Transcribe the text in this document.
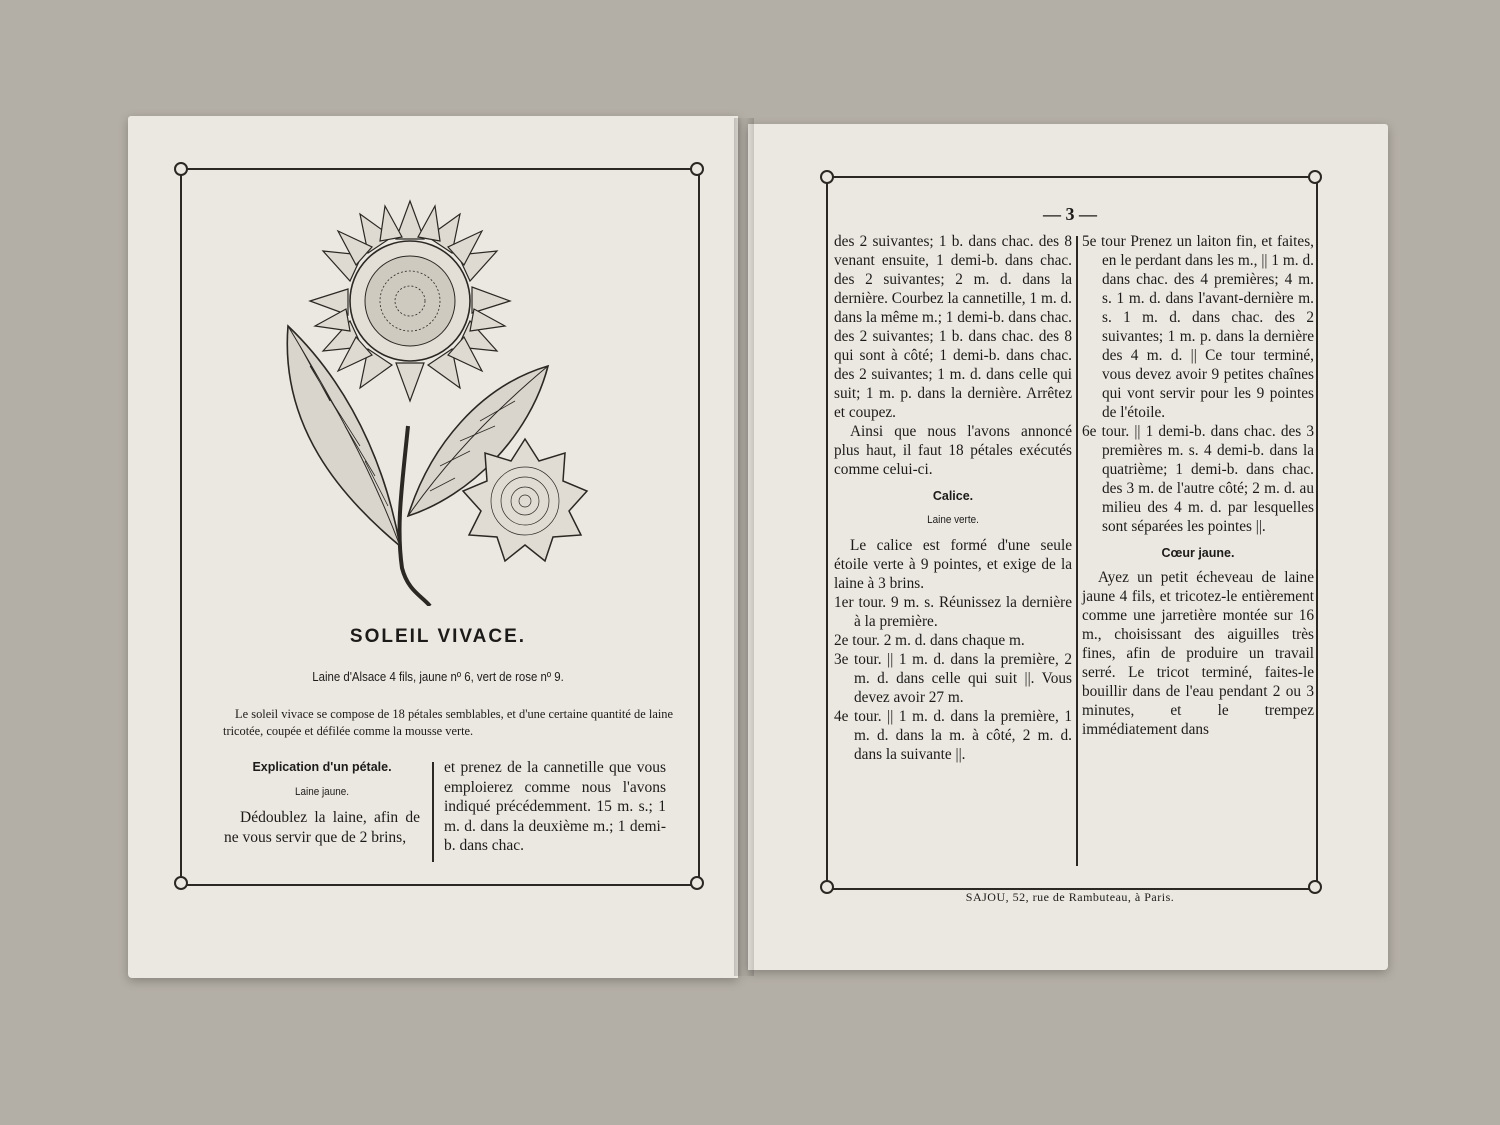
SOLEIL VIVACE.
Laine d'Alsace 4 fils, jaune nº 6, vert de rose nº 9.
Le soleil vivace se compose de 18 pétales semblables, et d'une certaine quantité de laine tricotée, coupée et défilée comme la mousse verte.
Explication d'un pétale.
Laine jaune.
Dédoublez la laine, afin de ne vous servir que de 2 brins,
et prenez de la cannetille que vous emploierez comme nous l'avons indiqué précédemment. 15 m. s.; 1 m. d. dans la deuxième m.; 1 demi-b. dans chac.
— 3 —

des 2 suivantes; 1 b. dans chac. des 8 venant ensuite, 1 demi-b. dans chac. des 2 suivantes; 2 m. d. dans la dernière. Courbez la cannetille, 1 m. d. dans la même m.; 1 demi-b. dans chac. des 2 suivantes; 1 b. dans chac. des 8 qui sont à côté; 1 demi-b. dans chac. des 2 suivantes; 1 m. d. dans celle qui suit; 1 m. p. dans la dernière. Arrêtez et coupez.

Ainsi que nous l'avons annoncé plus haut, il faut 18 pétales exécutés comme celui-ci.

Calice.
Laine verte.

Le calice est formé d'une seule étoile verte à 9 pointes, et exige de la laine à 3 brins.

1er tour. 9 m. s. Réunissez la dernière à la première.

2e tour. 2 m. d. dans chaque m.

3e tour. || 1 m. d. dans la première, 2 m. d. dans celle qui suit ||. Vous devez avoir 27 m.

4e tour. || 1 m. d. dans la première, 1 m. d. dans la m. à côté, 2 m. d. dans la suivante ||.

5e tour Prenez un laiton fin, et faites, en le perdant dans les m., || 1 m. d. dans chac. des 4 premières; 4 m. s. 1 m. d. dans l'avant-dernière m. s. 1 m. d. dans chac. des 2 suivantes; 1 m. p. dans la dernière des 4 m. d. || Ce tour terminé, vous devez avoir 9 petites chaînes qui vont servir pour les 9 pointes de l'étoile.

6e tour. || 1 demi-b. dans chac. des 3 premières m. s. 4 demi-b. dans la quatrième; 1 demi-b. dans chac. des 3 m. de l'autre côté; 2 m. d. au milieu des 4 m. d. par lesquelles sont séparées les pointes ||.

Cœur jaune.

Ayez un petit écheveau de laine jaune 4 fils, et tricotez-le entièrement comme une jarretière montée sur 16 m., choisissant des aiguilles très fines, afin de produire un travail serré. Le tricot terminé, faites-le bouillir dans de l'eau pendant 2 ou 3 minutes, et le trempez immédiatement dans

SAJOU, 52, rue de Rambuteau, à Paris.
